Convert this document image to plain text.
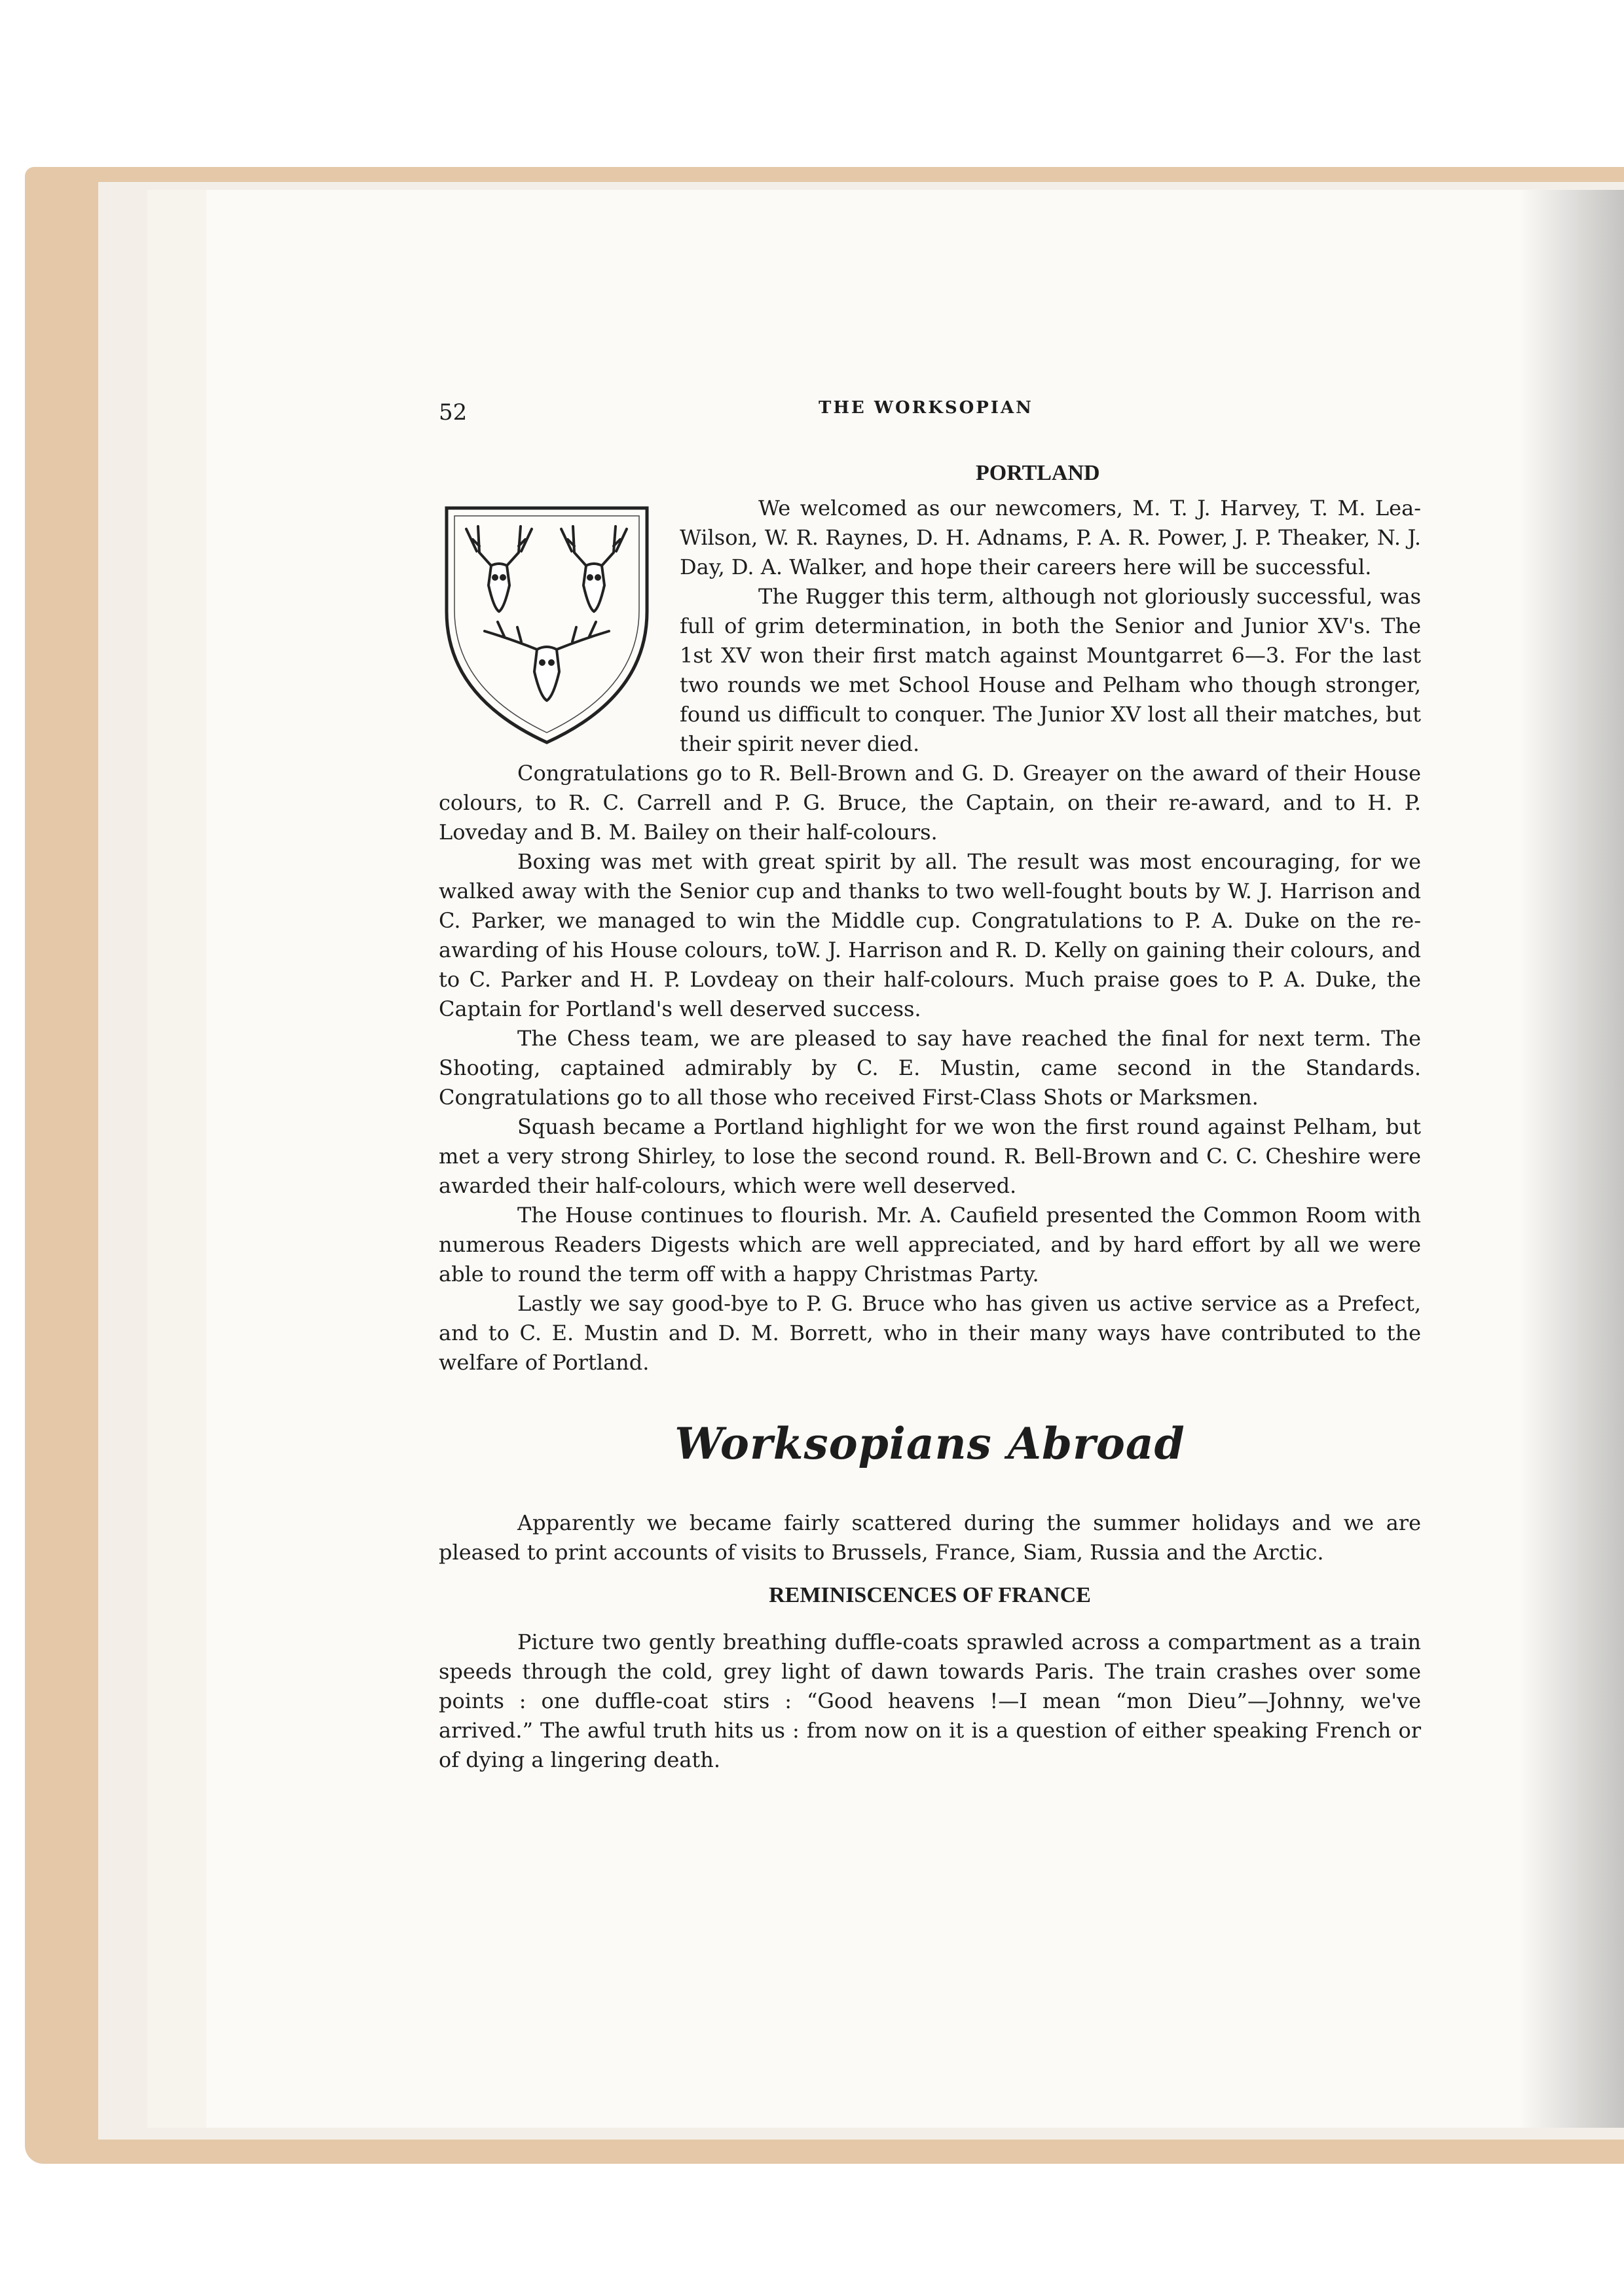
52	THE WORKSOPIAN
PORTLAND

We welcomed as our newcomers, M. T. J. Harvey, T. M. Lea-Wilson, W. R. Raynes, D. H. Adnams, P. A. R. Power, J. P. Theaker, N. J. Day, D. A. Walker, and hope their careers here will be successful.

The Rugger this term, although not gloriously successful, was full of grim determination, in both the Senior and Junior XV's. The 1st XV won their first match against Mountgarret 6—3. For the last two rounds we met School House and Pelham who though stronger, found us difficult to conquer. The Junior XV lost all their matches, but their spirit never died.

Congratulations go to R. Bell-Brown and G. D. Greayer on the award of their House colours, to R. C. Carrell and P. G. Bruce, the Captain, on their re-award, and to H. P. Loveday and B. M. Bailey on their half-colours.

Boxing was met with great spirit by all. The result was most encouraging, for we walked away with the Senior cup and thanks to two well-fought bouts by W. J. Harrison and C. Parker, we managed to win the Middle cup. Congratulations to P. A. Duke on the re-awarding of his House colours, toW. J. Harrison and R. D. Kelly on gaining their colours, and to C. Parker and H. P. Lovdeay on their half-colours. Much praise goes to P. A. Duke, the Captain for Portland's well deserved success.

The Chess team, we are pleased to say have reached the final for next term. The Shooting, captained admirably by C. E. Mustin, came second in the Standards. Congratulations go to all those who received First-Class Shots or Marksmen.

Squash became a Portland highlight for we won the first round against Pelham, but met a very strong Shirley, to lose the second round. R. Bell-Brown and C. C. Cheshire were awarded their half-colours, which were well deserved.

The House continues to flourish. Mr. A. Caufield presented the Common Room with numerous Readers Digests which are well appreciated, and by hard effort by all we were able to round the term off with a happy Christmas Party.

Lastly we say good-bye to P. G. Bruce who has given us active service as a Prefect, and to C. E. Mustin and D. M. Borrett, who in their many ways have contributed to the welfare of Portland.

Worksopians Abroad

Apparently we became fairly scattered during the summer holidays and we are pleased to print accounts of visits to Brussels, France, Siam, Russia and the Arctic.

REMINISCENCES OF FRANCE

Picture two gently breathing duffle-coats sprawled across a compartment as a train speeds through the cold, grey light of dawn towards Paris. The train crashes over some points : one duffle-coat stirs : “Good heavens !—I mean “mon Dieu”—Johnny, we've arrived.” The awful truth hits us : from now on it is a question of either speaking French or of dying a lingering death.
